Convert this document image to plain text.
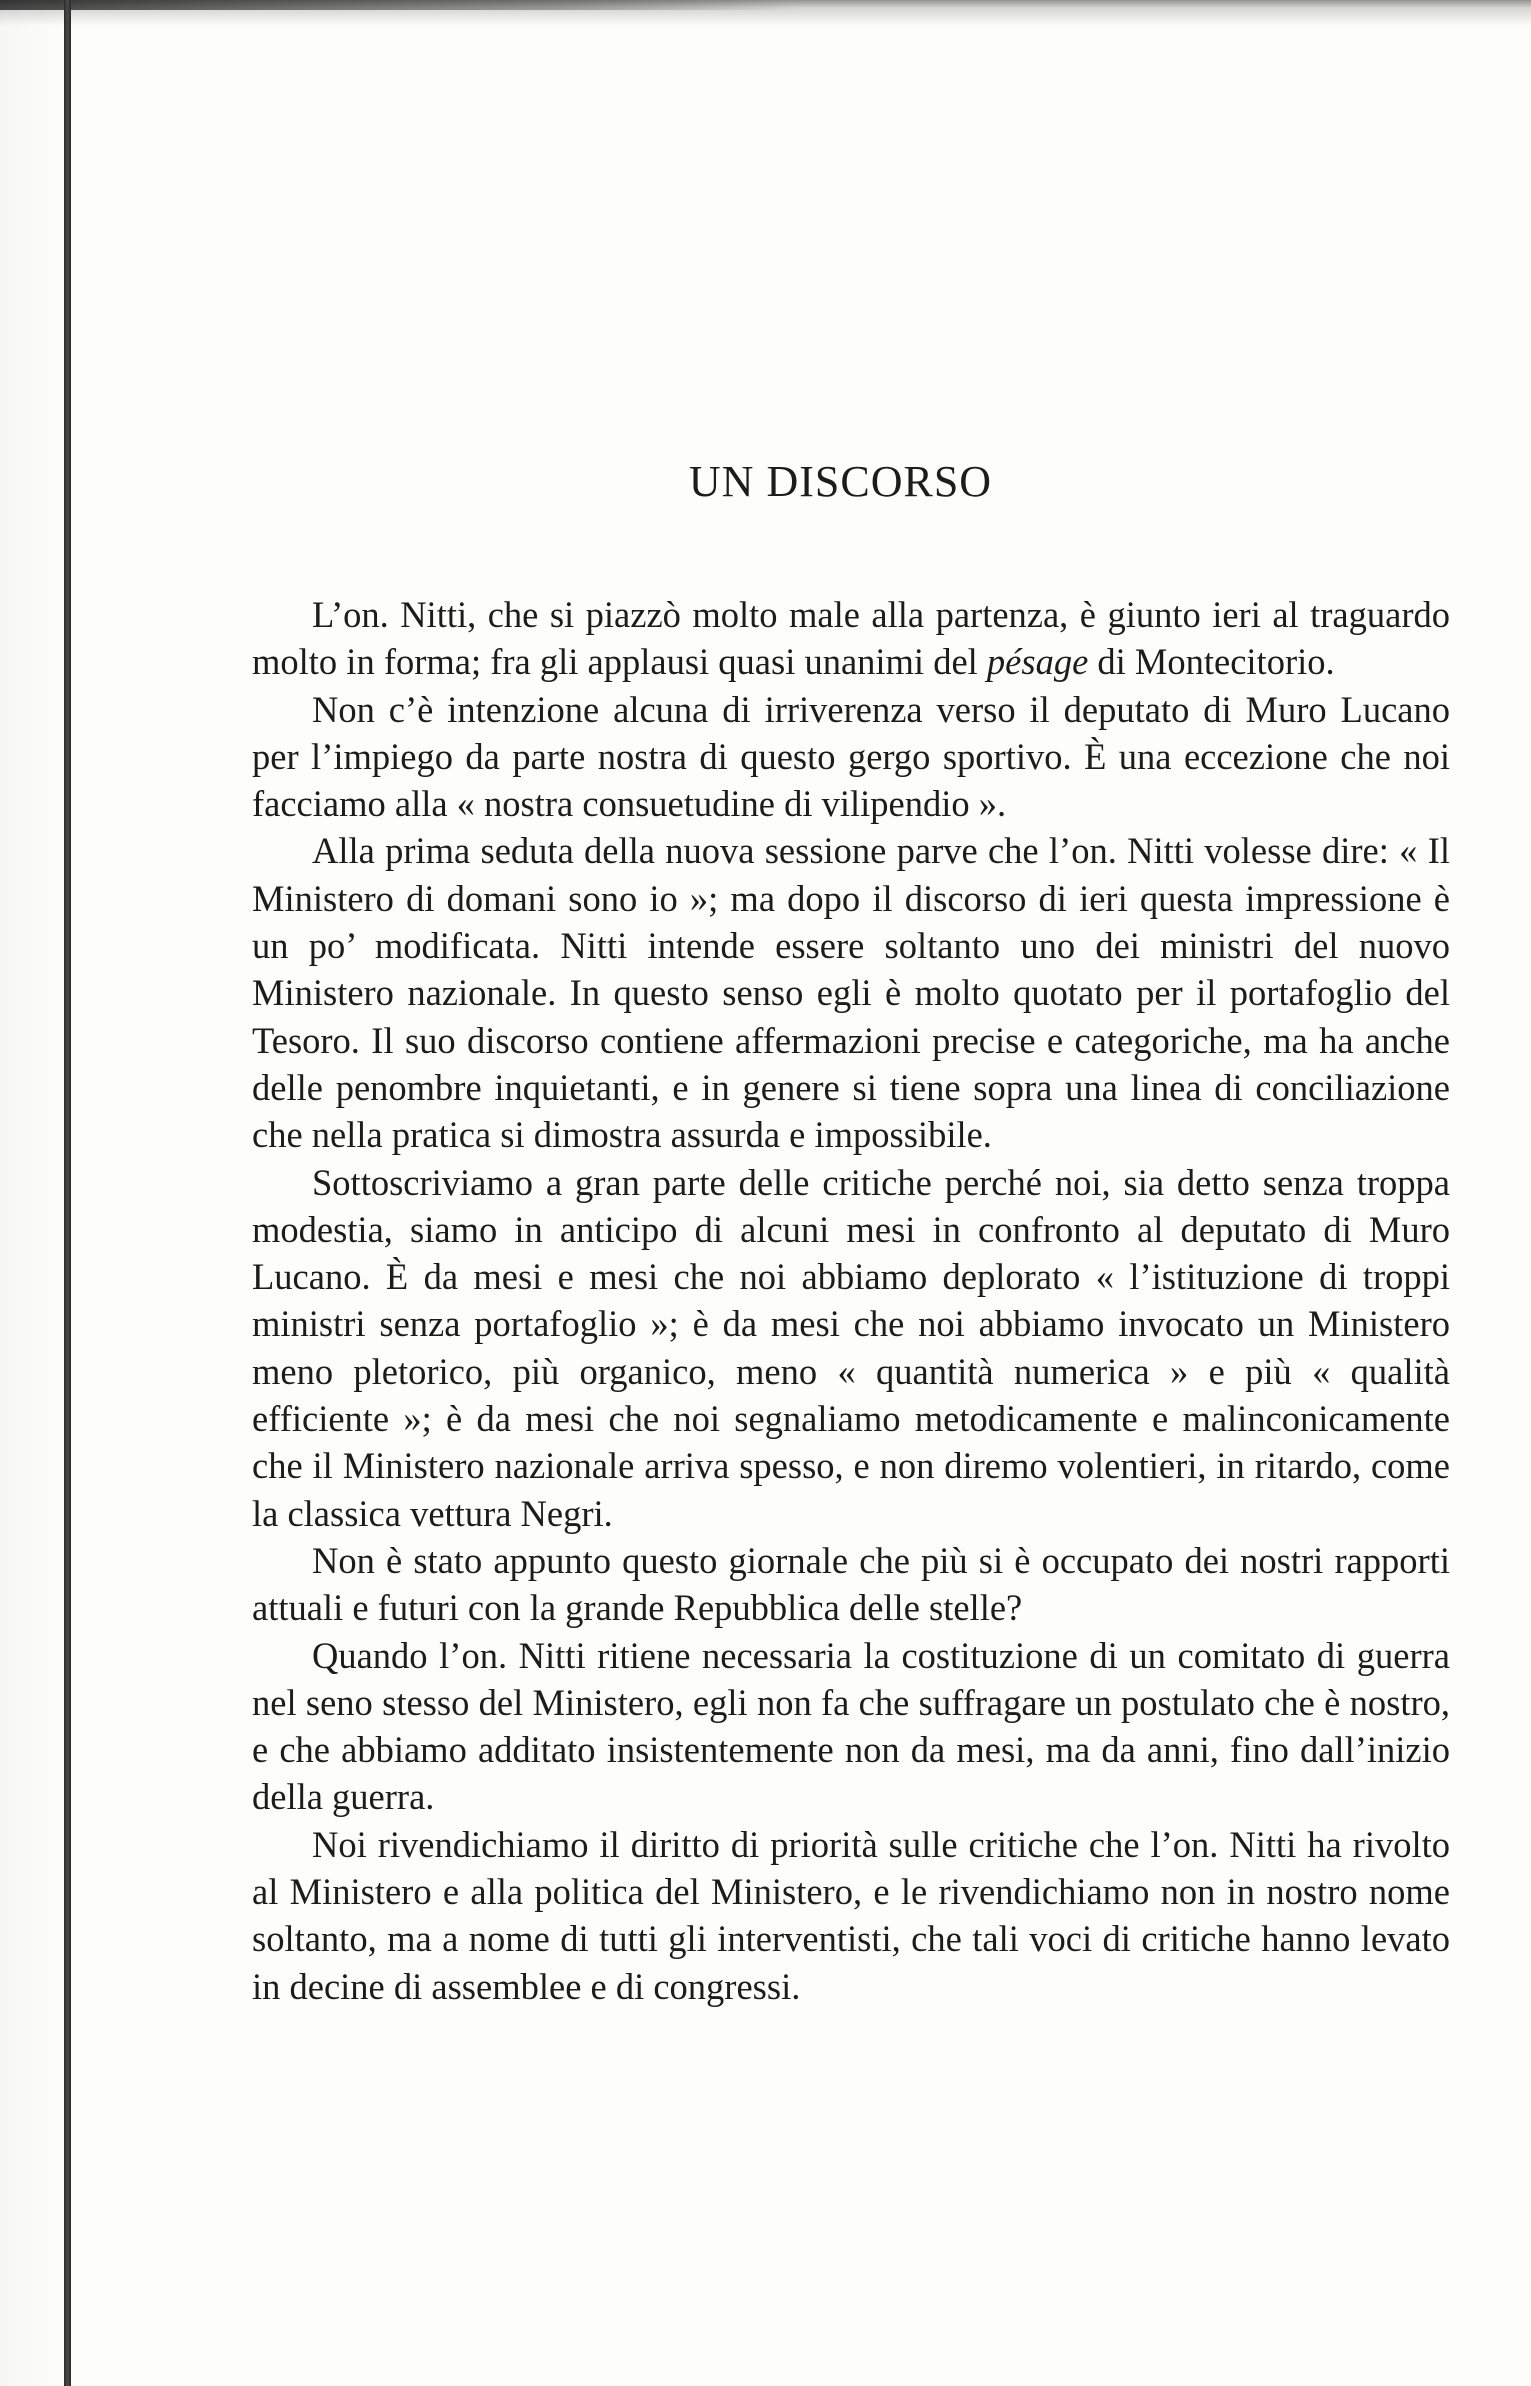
UN DISCORSO

L’on. Nitti, che si piazzò molto male alla partenza, è giunto ieri al traguardo molto in forma; fra gli applausi quasi unanimi del pésage di Montecitorio.

Non c’è intenzione alcuna di irriverenza verso il deputato di Muro Lucano per l’impiego da parte nostra di questo gergo sportivo. È una eccezione che noi facciamo alla « nostra consuetudine di vilipendio ».

Alla prima seduta della nuova sessione parve che l’on. Nitti volesse dire: « Il Ministero di domani sono io »; ma dopo il discorso di ieri questa impressione è un po’ modificata. Nitti intende essere soltanto uno dei ministri del nuovo Ministero nazionale. In questo senso egli è molto quotato per il portafoglio del Tesoro. Il suo discorso contiene affermazioni precise e categoriche, ma ha anche delle penombre inquietanti, e in genere si tiene sopra una linea di conciliazione che nella pratica si dimostra assurda e impossibile.

Sottoscriviamo a gran parte delle critiche perché noi, sia detto senza troppa modestia, siamo in anticipo di alcuni mesi in confronto al deputato di Muro Lucano. È da mesi e mesi che noi abbiamo deplorato « l’istituzione di troppi ministri senza portafoglio »; è da mesi che noi abbiamo invocato un Ministero meno pletorico, più organico, meno « quantità numerica » e più « qualità efficiente »; è da mesi che noi segnaliamo metodicamente e malinconicamente che il Ministero nazionale arriva spesso, e non diremo volentieri, in ritardo, come la classica vettura Negri.

Non è stato appunto questo giornale che più si è occupato dei nostri rapporti attuali e futuri con la grande Repubblica delle stelle?

Quando l’on. Nitti ritiene necessaria la costituzione di un comitato di guerra nel seno stesso del Ministero, egli non fa che suffragare un postulato che è nostro, e che abbiamo additato insistentemente non da mesi, ma da anni, fino dall’inizio della guerra.

Noi rivendichiamo il diritto di priorità sulle critiche che l’on. Nitti ha rivolto al Ministero e alla politica del Ministero, e le rivendichiamo non in nostro nome soltanto, ma a nome di tutti gli interventisti, che tali voci di critiche hanno levato in decine di assemblee e di congressi.
